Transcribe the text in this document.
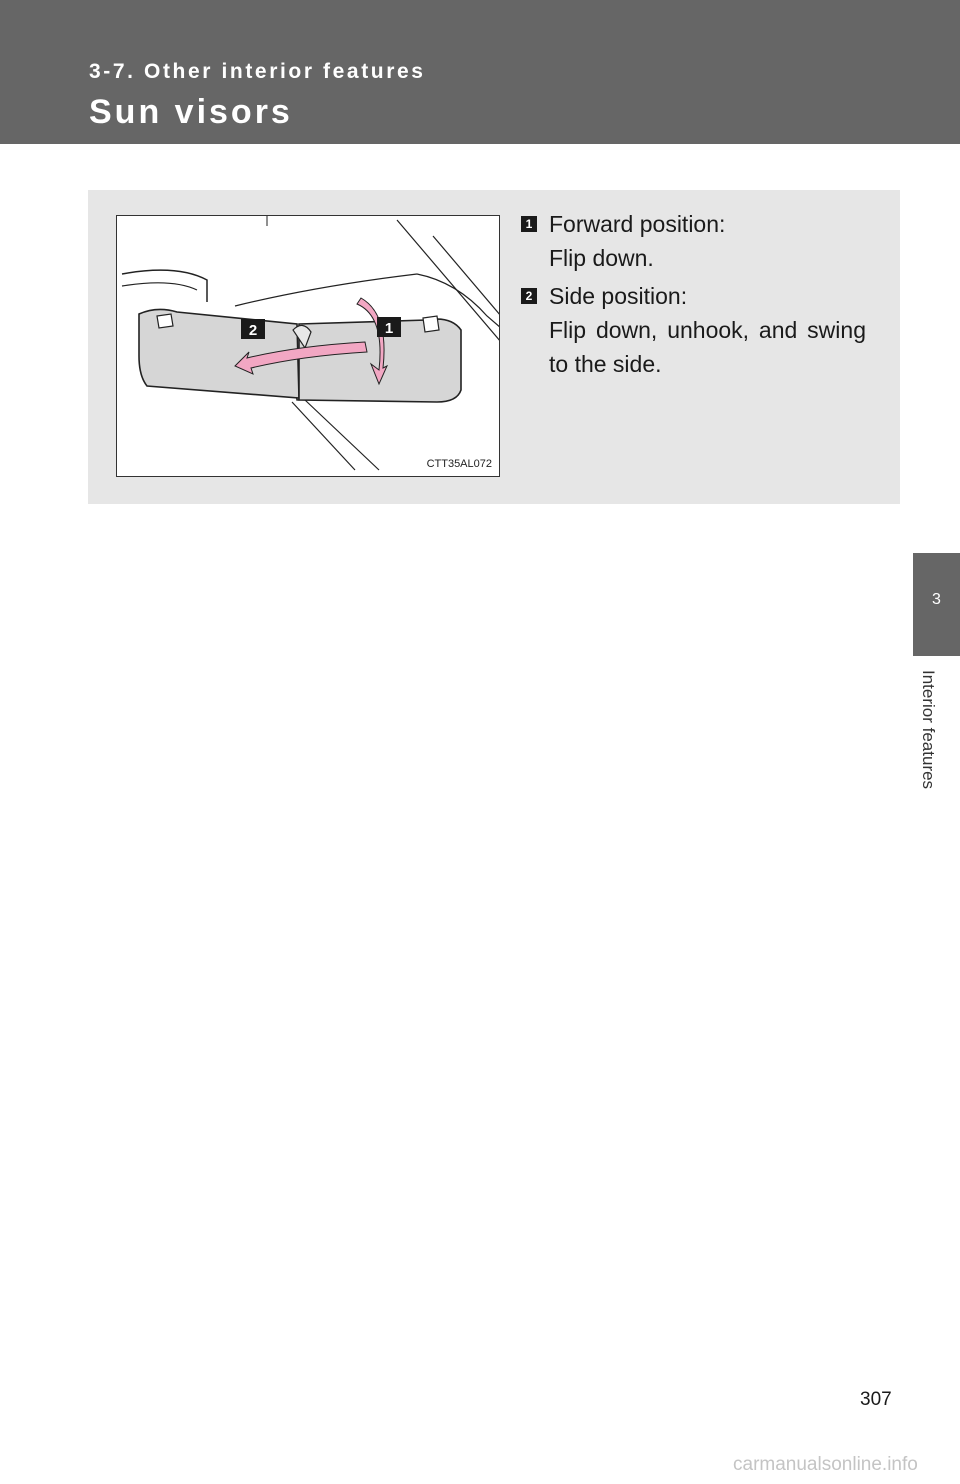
3-7. Other interior features
Sun visors
3
Interior features
2	1
CTT35AL072
1 Forward position:
Flip down.
2 Side position:
Flip down, unhook, and swing to the side.
307
carmanualsonline.info
